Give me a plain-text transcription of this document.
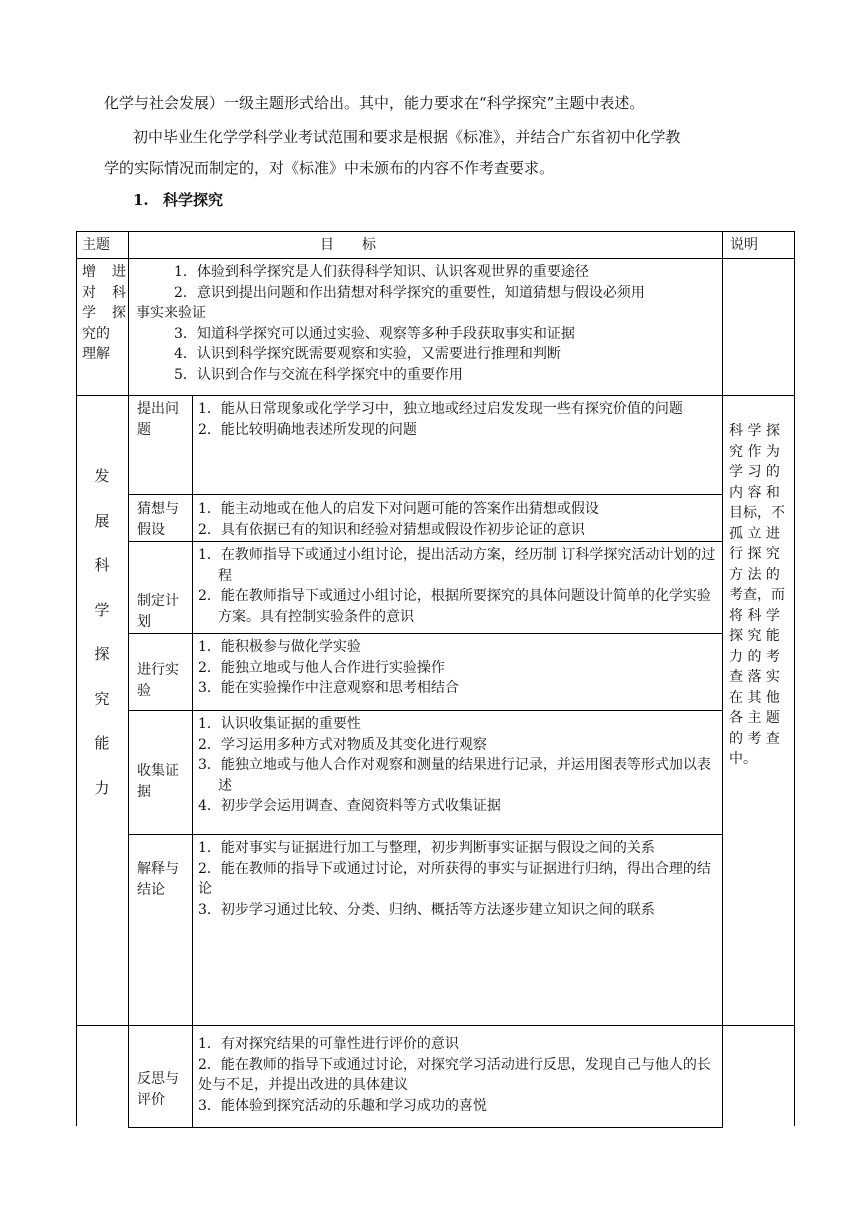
化学与社会发展）一级主题形式给出。其中，能力要求在“科学探究”主题中表述。
初中毕业生化学学科学业考试范围和要求是根据《标准》，并结合广东省初中化学教
学的实际情况而制定的，对《标准》中未颁布的内容不作考查要求。
1. 科学探究
主题	目　　标	说明
增 进
对 科
学 探
究的
理解
1．体验到科学探究是人们获得科学知识、认识客观世界的重要途径
2．意识到提出问题和作出猜想对科学探究的重要性，知道猜想与假设必须用
事实来验证
3．知道科学探究可以通过实验、观察等多种手段获取事实和证据
4．认识到科学探究既需要观察和实验，又需要进行推理和判断
5．认识到合作与交流在科学探究中的重要作用
发
展
科
学
探
究
能
力
科 学 探
究 作 为
学 习 的
内 容 和
目标，不
孤 立 进
行 探 究
方 法 的
考查，而
将 科 学
探 究 能
力 的 考
查 落 实
在 其 他
各 主 题
的 考 查
中。
提出问
题
1．能从日常现象或化学学习中，独立地或经过启发发现一些有探究价值的问题
2．能比较明确地表述所发现的问题
猜想与
假设
1．能主动地或在他人的启发下对问题可能的答案作出猜想或假设
2．具有依据已有的知识和经验对猜想或假设作初步论证的意识
制定计
划
1．在教师指导下或通过小组讨论，提出活动方案，经历制 订科学探究活动计划的过程
2．能在教师指导下或通过小组讨论，根据所要探究的具体问题设计简单的化学实验方案。具有控制实验条件的意识
进行实
验
1．能积极参与做化学实验
2．能独立地或与他人合作进行实验操作
3．能在实验操作中注意观察和思考相结合
收集证
据
1．认识收集证据的重要性
2．学习运用多种方式对物质及其变化进行观察
3．能独立地或与他人合作对观察和测量的结果进行记录，并运用图表等形式加以表述
4．初步学会运用调查、查阅资料等方式收集证据
解释与
结论
1．能对事实与证据进行加工与整理，初步判断事实证据与假设之间的关系
2．能在教师的指导下或通过讨论，对所获得的事实与证据进行归纳，得出合理的结论
3．初步学习通过比较、分类、归纳、概括等方法逐步建立知识之间的联系
反思与
评价
1．有对探究结果的可靠性进行评价的意识
2．能在教师的指导下或通过讨论，对探究学习活动进行反思，发现自己与他人的长处与不足，并提出改进的具体建议
3．能体验到探究活动的乐趣和学习成功的喜悦
